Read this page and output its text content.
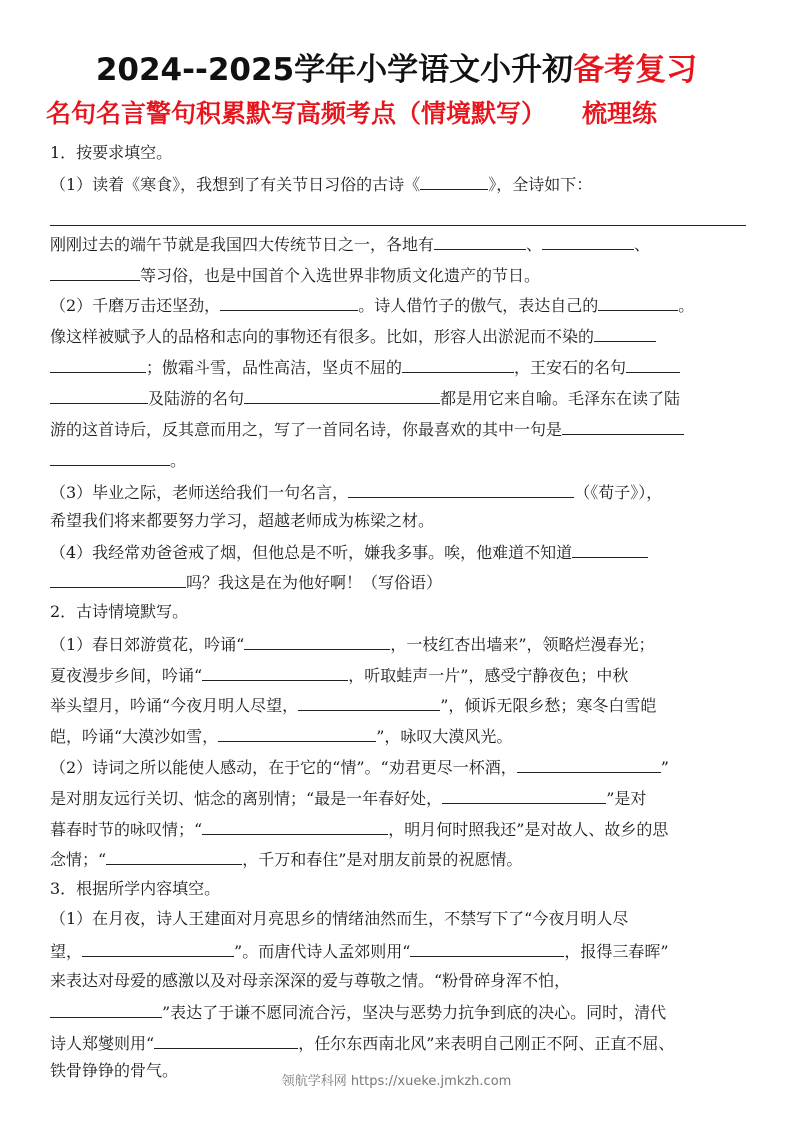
2024--2025学年小学语文小升初备考复习
名句名言警句积累默写高频考点（情境默写） 梳理练
1．按要求填空。
（1）读着《寒食》，我想到了有关节日习俗的古诗《	》，全诗如下：
刚刚过去的端午节就是我国四大传统节日之一，各地有	、	、
等习俗，也是中国首个入选世界非物质文化遗产的节日。
（2）千磨万击还坚劲，	。诗人借竹子的傲气，表达自己的	。
像这样被赋予人的品格和志向的事物还有很多。比如，形容人出淤泥而不染的
；傲霜斗雪，品性高洁，坚贞不屈的	，王安石的名句
及陆游的名句	都是用它来自喻。毛泽东在读了陆
游的这首诗后，反其意而用之，写了一首同名诗，你最喜欢的其中一句是
。
（3）毕业之际，老师送给我们一句名言，	（《荀子》），
希望我们将来都要努力学习，超越老师成为栋梁之材。
（4）我经常劝爸爸戒了烟，但他总是不听，嫌我多事。唉，他难道不知道
吗？我这是在为他好啊！（写俗语）
2．古诗情境默写。
（1）春日郊游赏花，吟诵“	，一枝红杏出墙来”，领略烂漫春光；
夏夜漫步乡间，吟诵“	，听取蛙声一片”，感受宁静夜色；中秋
举头望月，吟诵“今夜月明人尽望，	”，倾诉无限乡愁；寒冬白雪皑
皑，吟诵“大漠沙如雪，	”，咏叹大漠风光。
（2）诗词之所以能使人感动，在于它的“情”。“劝君更尽一杯酒，	”
是对朋友远行关切、惦念的离别情；“最是一年春好处，	”是对
暮春时节的咏叹情；“	，明月何时照我还”是对故人、故乡的思
念情；“	，千万和春住”是对朋友前景的祝愿情。
3．根据所学内容填空。
（1）在月夜，诗人王建面对月亮思乡的情绪油然而生，不禁写下了“今夜月明人尽
望，	”。而唐代诗人孟郊则用“	，报得三春晖”
来表达对母爱的感激以及对母亲深深的爱与尊敬之情。“粉骨碎身浑不怕，
”表达了于谦不愿同流合污，坚决与恶势力抗争到底的决心。同时，清代
诗人郑燮则用“	，任尔东西南北风”来表明自己刚正不阿、正直不屈、
铁骨铮铮的骨气。
领航学科网 https://xueke.jmkzh.com
